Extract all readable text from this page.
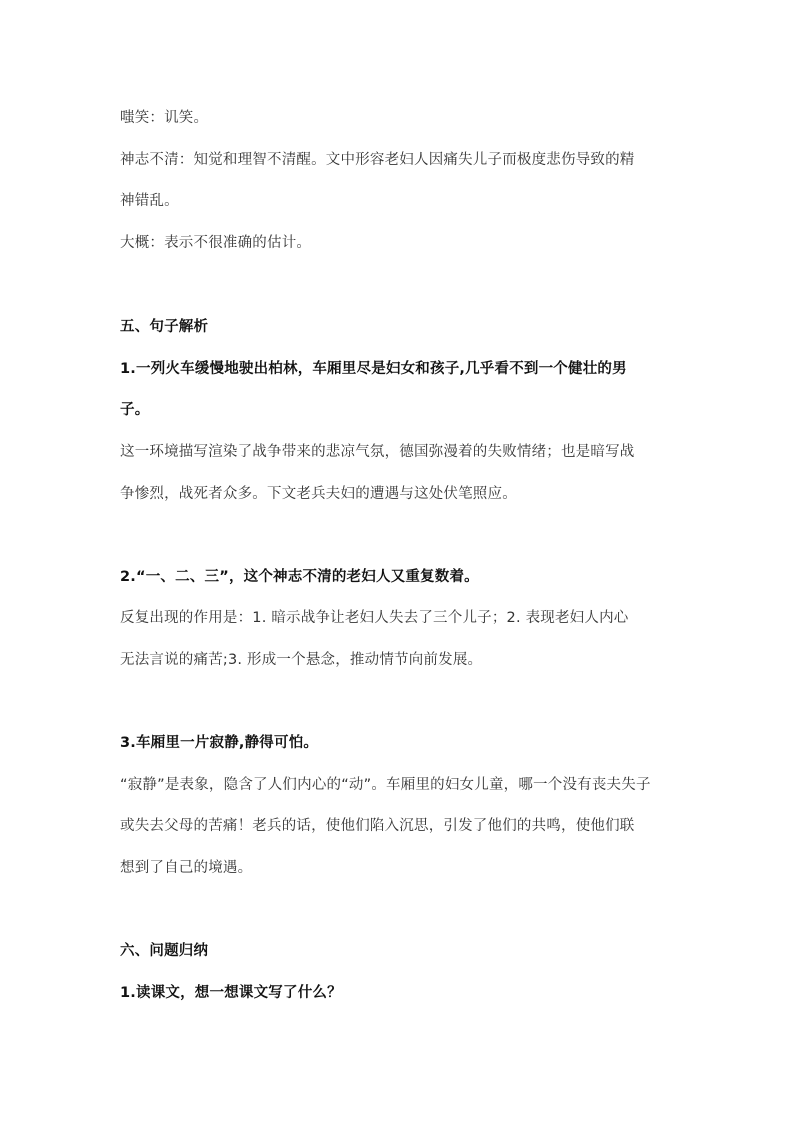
嗤笑：讥笑。
神志不清：知觉和理智不清醒。文中形容老妇人因痛失儿子而极度悲伤导致的精
神错乱。
大概：表示不很准确的估计。
五、句子解析
1.一列火车缓慢地驶出柏林，车厢里尽是妇女和孩子,几乎看不到一个健壮的男
子。
这一环境描写渲染了战争带来的悲凉气氛，德国弥漫着的失败情绪；也是暗写战
争惨烈，战死者众多。下文老兵夫妇的遭遇与这处伏笔照应。
2.“一、二、三”，这个神志不清的老妇人又重复数着。
反复出现的作用是：1. 暗示战争让老妇人失去了三个儿子；2. 表现老妇人内心
无法言说的痛苦;3. 形成一个悬念，推动情节向前发展。
3.车厢里一片寂静,静得可怕。
“寂静”是表象，隐含了人们内心的“动”。车厢里的妇女儿童，哪一个没有丧夫失子
或失去父母的苦痛！老兵的话，使他们陷入沉思，引发了他们的共鸣，使他们联
想到了自己的境遇。
六、问题归纳
1.读课文，想一想课文写了什么？
